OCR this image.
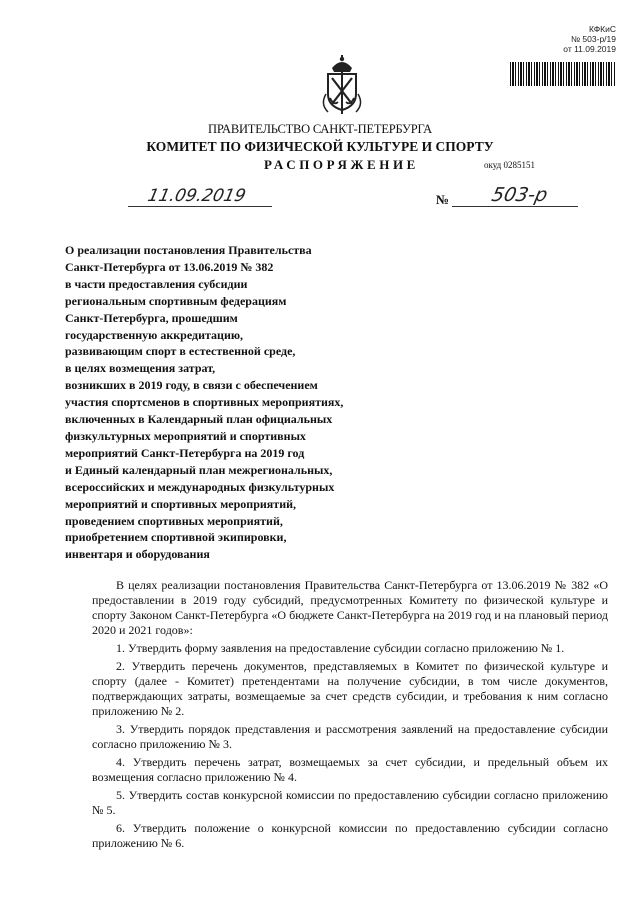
КФКиС
№ 503-р/19
от 11.09.2019
ПРАВИТЕЛЬСТВО САНКТ-ПЕТЕРБУРГА
КОМИТЕТ ПО ФИЗИЧЕСКОЙ КУЛЬТУРЕ И СПОРТУ
РАСПОРЯЖЕНИЕ	окуд 0285151
11.09.2019	№ 503-р
О реализации постановления Правительства
Санкт-Петербурга от 13.06.2019 № 382
в части предоставления субсидии
региональным спортивным федерациям
Санкт-Петербурга, прошедшим
государственную аккредитацию,
развивающим спорт в естественной среде,
в целях возмещения затрат,
возникших в 2019 году, в связи с обеспечением
участия спортсменов в спортивных мероприятиях,
включенных в Календарный план официальных
физкультурных мероприятий и спортивных
мероприятий Санкт-Петербурга на 2019 год
и Единый календарный план межрегиональных,
всероссийских и международных физкультурных
мероприятий и спортивных мероприятий,
проведением спортивных мероприятий,
приобретением спортивной экипировки,
инвентаря и оборудования

В целях реализации постановления Правительства Санкт-Петербурга от 13.06.2019 № 382 «О предоставлении в 2019 году субсидий, предусмотренных Комитету по физической культуре и спорту Законом Санкт-Петербурга «О бюджете Санкт-Петербурга на 2019 год и на плановый период 2020 и 2021 годов»:

1. Утвердить форму заявления на предоставление субсидии согласно приложению № 1.

2. Утвердить перечень документов, представляемых в Комитет по физической культуре и спорту (далее - Комитет) претендентами на получение субсидии, в том числе документов, подтверждающих затраты, возмещаемые за счет средств субсидии, и требования к ним согласно приложению № 2.

3. Утвердить порядок представления и рассмотрения заявлений на предоставление субсидии согласно приложению № 3.

4. Утвердить перечень затрат, возмещаемых за счет субсидии, и предельный объем их возмещения согласно приложению № 4.

5. Утвердить состав конкурсной комиссии по предоставлению субсидии согласно приложению № 5.

6. Утвердить положение о конкурсной комиссии по предоставлению субсидии согласно приложению № 6.
